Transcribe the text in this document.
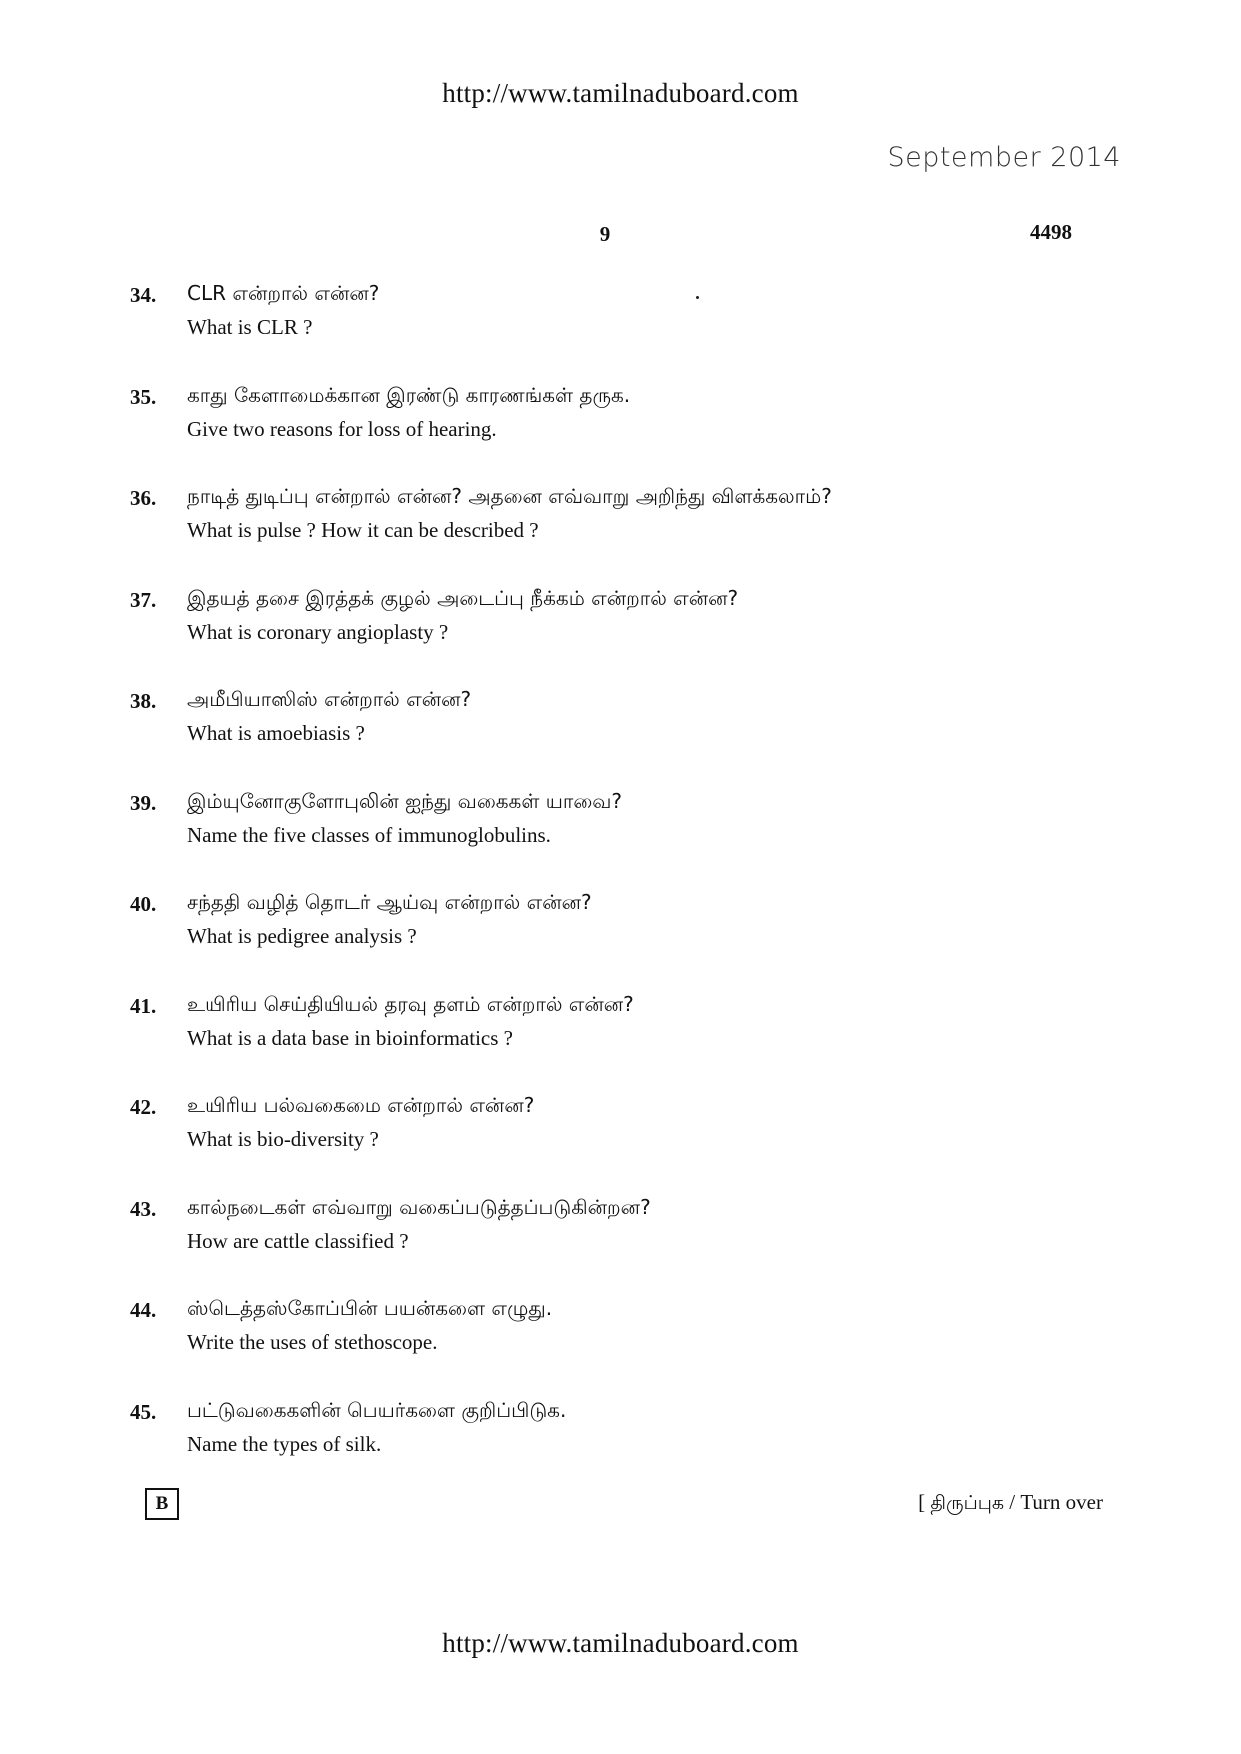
http://www.tamilnaduboard.com
September 2014
9	4498
34.	CLR என்றால் என்ன?
What is CLR ?
35.	காது கேளாமைக்கான இரண்டு காரணங்கள் தருக.
Give two reasons for loss of hearing.
36.	நாடித் துடிப்பு என்றால் என்ன? அதனை எவ்வாறு அறிந்து விளக்கலாம்?
What is pulse ? How it can be described ?
37.	இதயத் தசை இரத்தக் குழல் அடைப்பு நீக்கம் என்றால் என்ன?
What is coronary angioplasty ?
38.	அமீபியாஸிஸ் என்றால் என்ன?
What is amoebiasis ?
39.	இம்யுனோகுளோபுலின் ஐந்து வகைகள் யாவை?
Name the five classes of immunoglobulins.
40.	சந்ததி வழித் தொடர் ஆய்வு என்றால் என்ன?
What is pedigree analysis ?
41.	உயிரிய செய்தியியல் தரவு தளம் என்றால் என்ன?
What is a data base in bioinformatics ?
42.	உயிரிய பல்வகைமை என்றால் என்ன?
What is bio-diversity ?
43.	கால்நடைகள் எவ்வாறு வகைப்படுத்தப்படுகின்றன?
How are cattle classified ?
44.	ஸ்டெத்தஸ்கோப்பின் பயன்களை எழுது.
Write the uses of stethoscope.
45.	பட்டுவகைகளின் பெயர்களை குறிப்பிடுக.
Name the types of silk.
B	[ திருப்புக / Turn over
http://www.tamilnaduboard.com
